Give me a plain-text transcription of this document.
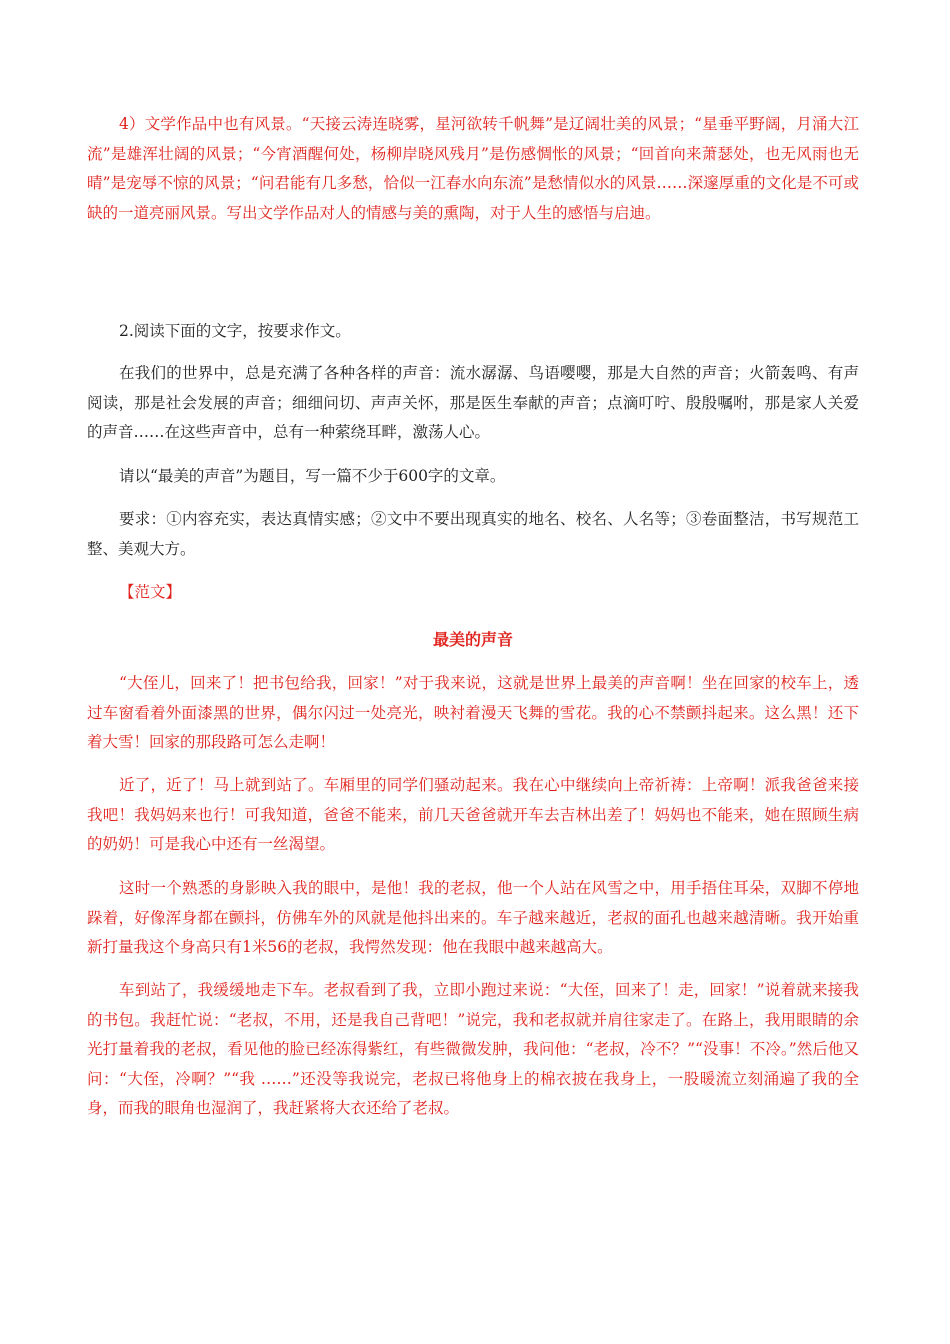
4）文学作品中也有风景。“天接云涛连晓雾，星河欲转千帆舞”是辽阔壮美的风景；“星垂平野阔，月涌大江流”是雄浑壮阔的风景；“今宵酒醒何处，杨柳岸晓风残月”是伤感惆怅的风景；“回首向来萧瑟处，也无风雨也无晴”是宠辱不惊的风景；“问君能有几多愁，恰似一江春水向东流”是愁情似水的风景……深邃厚重的文化是不可或缺的一道亮丽风景。写出文学作品对人的情感与美的熏陶，对于人生的感悟与启迪。

2.阅读下面的文字，按要求作文。

在我们的世界中，总是充满了各种各样的声音：流水潺潺、鸟语嘤嘤，那是大自然的声音；火箭轰鸣、有声阅读，那是社会发展的声音；细细问切、声声关怀，那是医生奉献的声音；点滴叮咛、殷殷嘱咐，那是家人关爱的声音……在这些声音中，总有一种萦绕耳畔，激荡人心。

请以“最美的声音”为题目，写一篇不少于600字的文章。

要求：①内容充实，表达真情实感；②文中不要出现真实的地名、校名、人名等；③卷面整洁，书写规范工整、美观大方。

【范文】

最美的声音

“大侄儿，回来了！把书包给我，回家！”对于我来说，这就是世界上最美的声音啊！坐在回家的校车上，透过车窗看着外面漆黑的世界，偶尔闪过一处亮光，映衬着漫天飞舞的雪花。我的心不禁颤抖起来。这么黑！还下着大雪！回家的那段路可怎么走啊！

近了，近了！马上就到站了。车厢里的同学们骚动起来。我在心中继续向上帝祈祷：上帝啊！派我爸爸来接我吧！我妈妈来也行！可我知道，爸爸不能来，前几天爸爸就开车去吉林出差了！妈妈也不能来，她在照顾生病的奶奶！可是我心中还有一丝渴望。

这时一个熟悉的身影映入我的眼中，是他！我的老叔，他一个人站在风雪之中，用手捂住耳朵，双脚不停地跺着，好像浑身都在颤抖，仿佛车外的风就是他抖出来的。车子越来越近，老叔的面孔也越来越清晰。我开始重新打量我这个身高只有1米56的老叔，我愕然发现：他在我眼中越来越高大。

车到站了，我缓缓地走下车。老叔看到了我，立即小跑过来说：“大侄，回来了！走，回家！”说着就来接我的书包。我赶忙说：“老叔，不用，还是我自己背吧！”说完，我和老叔就并肩往家走了。在路上，我用眼睛的余光打量着我的老叔，看见他的脸已经冻得紫红，有些微微发肿，我问他：“老叔，冷不？”“没事！不冷。”然后他又问：“大侄，冷啊？”“我 ……”还没等我说完，老叔已将他身上的棉衣披在我身上，一股暖流立刻涌遍了我的全身，而我的眼角也湿润了，我赶紧将大衣还给了老叔。
